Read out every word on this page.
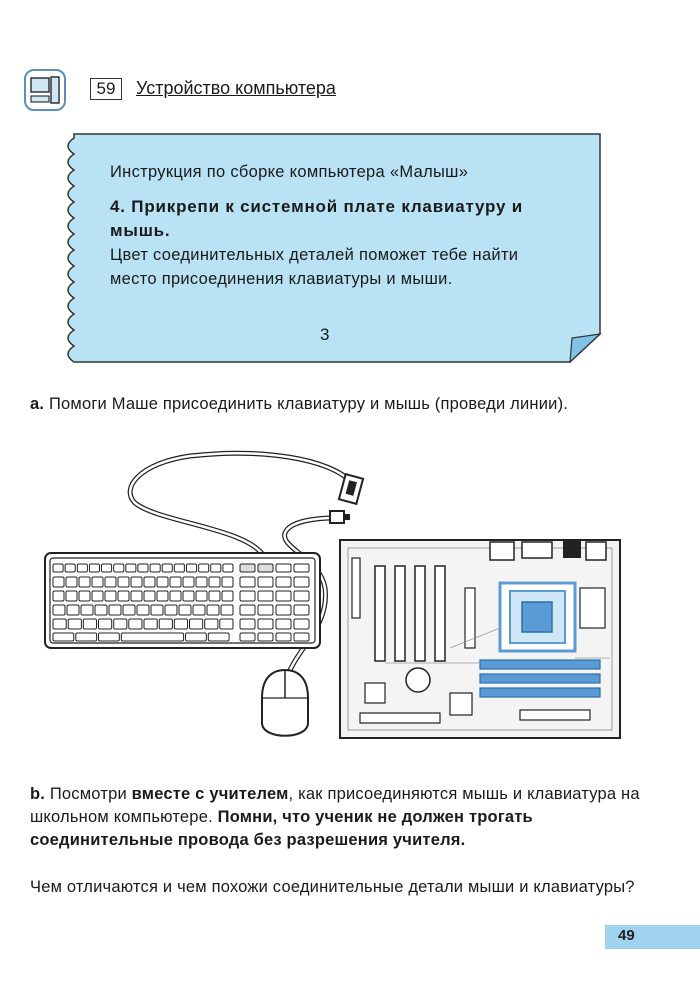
59	Устройство компьютера
Инструкция по сборке компьютера «Малыш»
4. Прикрепи к системной плате клавиатуру и мышь.
Цвет соединительных деталей поможет тебе найти место присоединения клавиатуры и мыши.
3
а. Помоги Маше присоединить клавиатуру и мышь (проведи линии).
b. Посмотри вместе с учителем, как присоединяются мышь и клавиатура на школьном компьютере. Помни, что ученик не должен трогать соединительные провода без разрешения учителя.
Чем отличаются и чем похожи соединительные детали мыши и клавиатуры?
49
